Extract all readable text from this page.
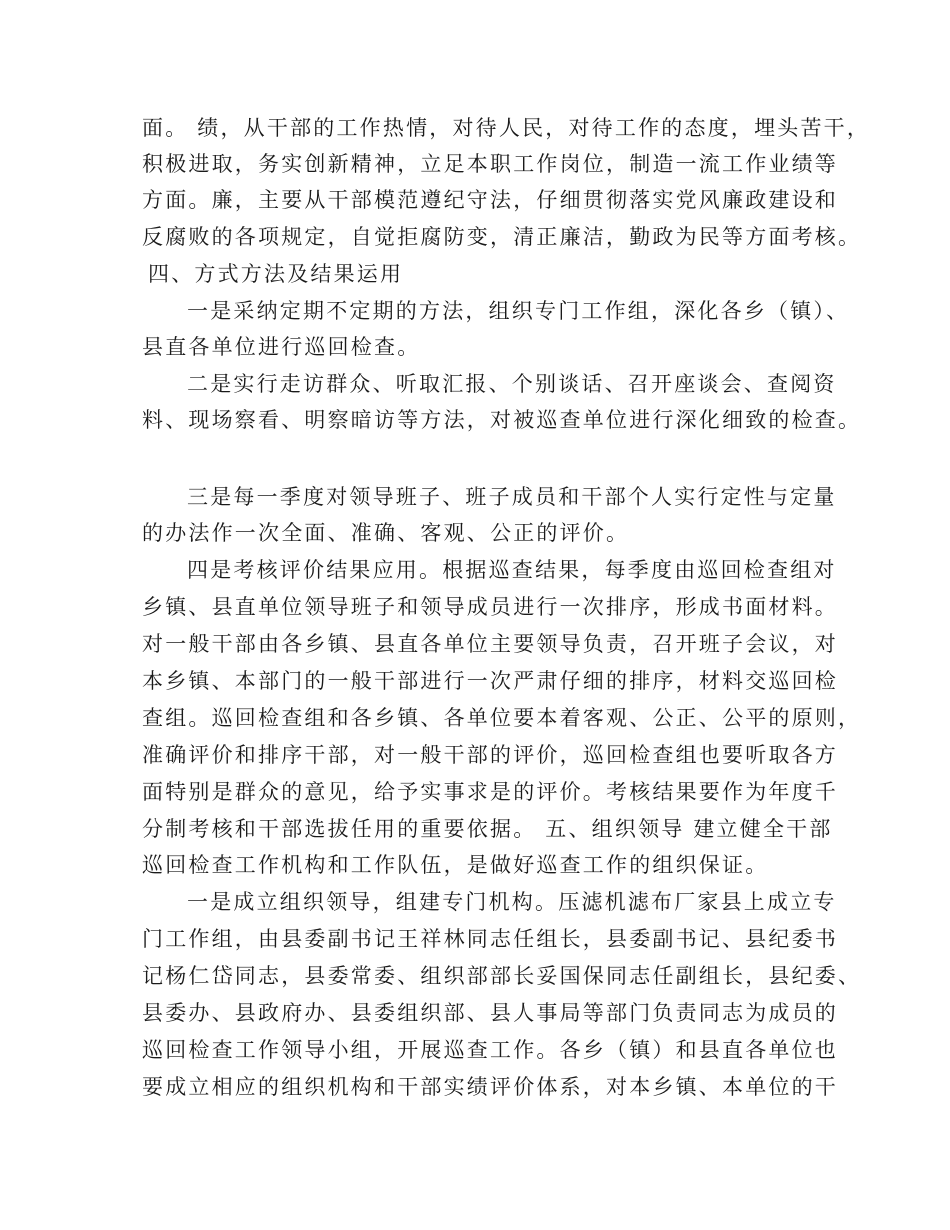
面。 绩，从干部的工作热情，对待人民，对待工作的态度，埋头苦干，
积极进取，务实创新精神，立足本职工作岗位，制造一流工作业绩等
方面。廉，主要从干部模范遵纪守法，仔细贯彻落实党风廉政建设和
反腐败的各项规定，自觉拒腐防变，清正廉洁，勤政为民等方面考核。
四、方式方法及结果运用
一是采纳定期不定期的方法，组织专门工作组，深化各乡（镇）、
县直各单位进行巡回检查。
二是实行走访群众、听取汇报、个别谈话、召开座谈会、查阅资
料、现场察看、明察暗访等方法，对被巡查单位进行深化细致的检查。
三是每一季度对领导班子、班子成员和干部个人实行定性与定量
的办法作一次全面、准确、客观、公正的评价。
四是考核评价结果应用。根据巡查结果，每季度由巡回检查组对
乡镇、县直单位领导班子和领导成员进行一次排序，形成书面材料。
对一般干部由各乡镇、县直各单位主要领导负责，召开班子会议，对
本乡镇、本部门的一般干部进行一次严肃仔细的排序，材料交巡回检
查组。巡回检查组和各乡镇、各单位要本着客观、公正、公平的原则，
准确评价和排序干部，对一般干部的评价，巡回检查组也要听取各方
面特别是群众的意见，给予实事求是的评价。考核结果要作为年度千
分制考核和干部选拔任用的重要依据。 五、组织领导 建立健全干部
巡回检查工作机构和工作队伍，是做好巡查工作的组织保证。
一是成立组织领导，组建专门机构。压滤机滤布厂家县上成立专
门工作组，由县委副书记王祥林同志任组长，县委副书记、县纪委书
记杨仁岱同志，县委常委、组织部部长妥国保同志任副组长，县纪委、
县委办、县政府办、县委组织部、县人事局等部门负责同志为成员的
巡回检查工作领导小组，开展巡查工作。各乡（镇）和县直各单位也
要成立相应的组织机构和干部实绩评价体系，对本乡镇、本单位的干
